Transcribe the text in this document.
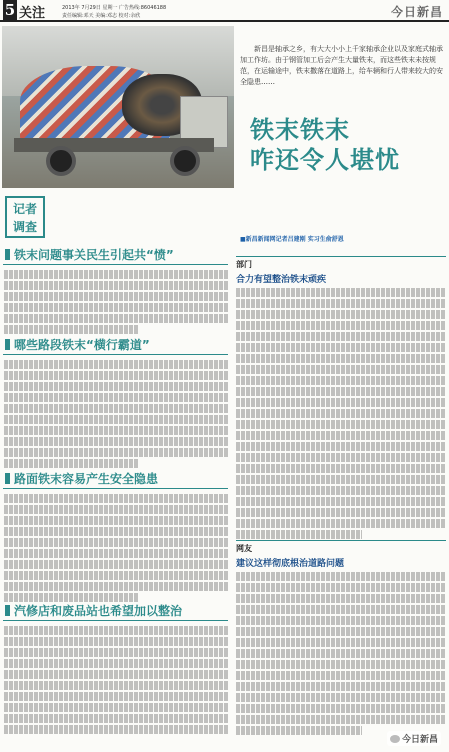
5 关注	2013年 7月29日 星期一 广告热线:86046188
责任编辑:邓天 美编:邓志 校对:余欣	今日新昌
新昌是轴承之乡，有大大小小上千家轴承企业以及家庭式轴承加工作坊。由于钢管加工后会产生大量铁末，而这些铁末未按规范，在运输途中，铁末撒落在道路上，给车辆和行人带来较大的安全隐患……
铁末铁末
咋还令人堪忧
记者
调查
■新昌新闻网记者吕建刚 实习生俞舒恩
铁末问题事关民生引起共“愤”
哪些路段铁末“横行霸道”
路面铁末容易产生安全隐患
汽修店和废品站也希望加以整治
部门
合力有望整治铁末顽疾
网友
建议这样彻底根治道路问题
今日新昌
